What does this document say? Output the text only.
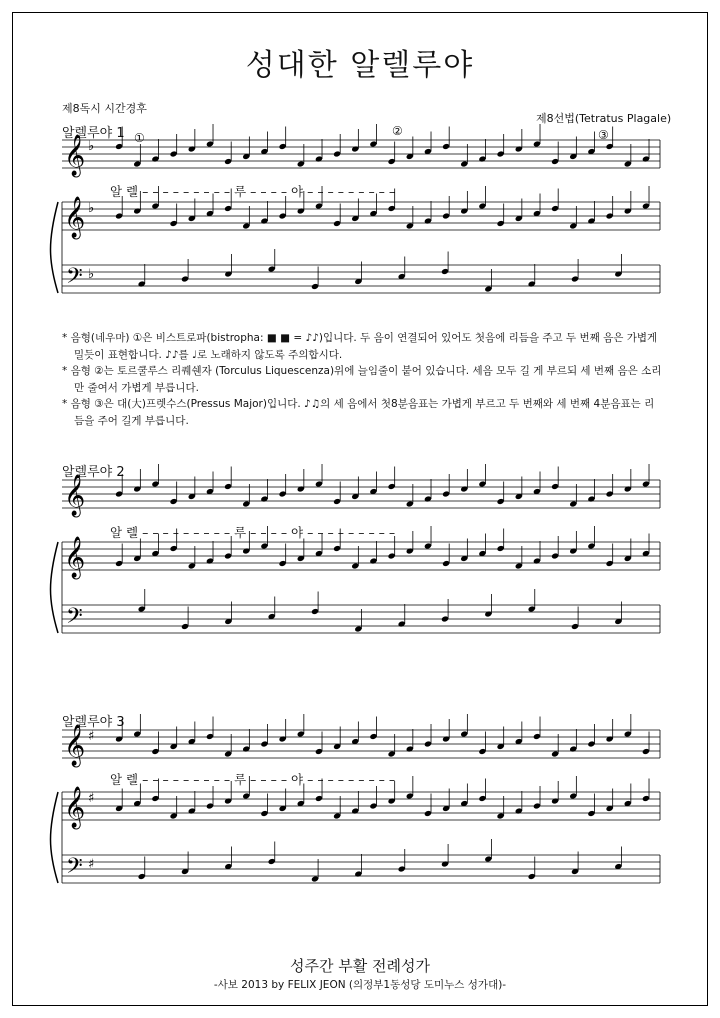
성대한 알렐루야
제8독시 시간경후
제8선법(Tetratus Plagale)
알렐루야 1 ①	②	③
알 렐 – – – – – – – – – 루 – – – – 야 – – – – – – – – –

* 음형(네우마) ①은 비스트로파(bistropha: ■ ■ = ♪♪)입니다. 두 음이 연결되어 있어도 첫음에 리듬을 주고 두 번째 음은 가볍게 밀듯이 표현합니다. ♪♪를 ♩로 노래하지 않도록 주의합시다.

* 음형 ②는 토르쿨루스 리퀘쉔자 (Torculus Liquescenza)위에 늘임줄이 붙어 있습니다. 세음 모두 길 게 부르되 세 번째 음은 소리만 줄여서 가볍게 부릅니다.

* 음형 ③은 대(大)프렛수스(Pressus Major)입니다. ♪♫의 세 음에서 첫8분음표는 가볍게 부르고 두 번째와 세 번째 4분음표는 리듬을 주어 길게 부릅니다.

알렐루야 2
알 렐 – – – – – – – – – 루 – – – – 야 – – – – – – – – –
알렐루야 3
알 렐 – – – – – – – – – 루 – – – – 야 – – – – – – – – –
성주간 부활 전례성가
-사보 2013 by FELIX JEON (의정부1동성당 도미누스 성가대)-
𝄞
𝄞
𝄢
♭
♭
♭
𝄞
𝄞
𝄢
𝄞
𝄞
𝄢
♯
♯
♯
